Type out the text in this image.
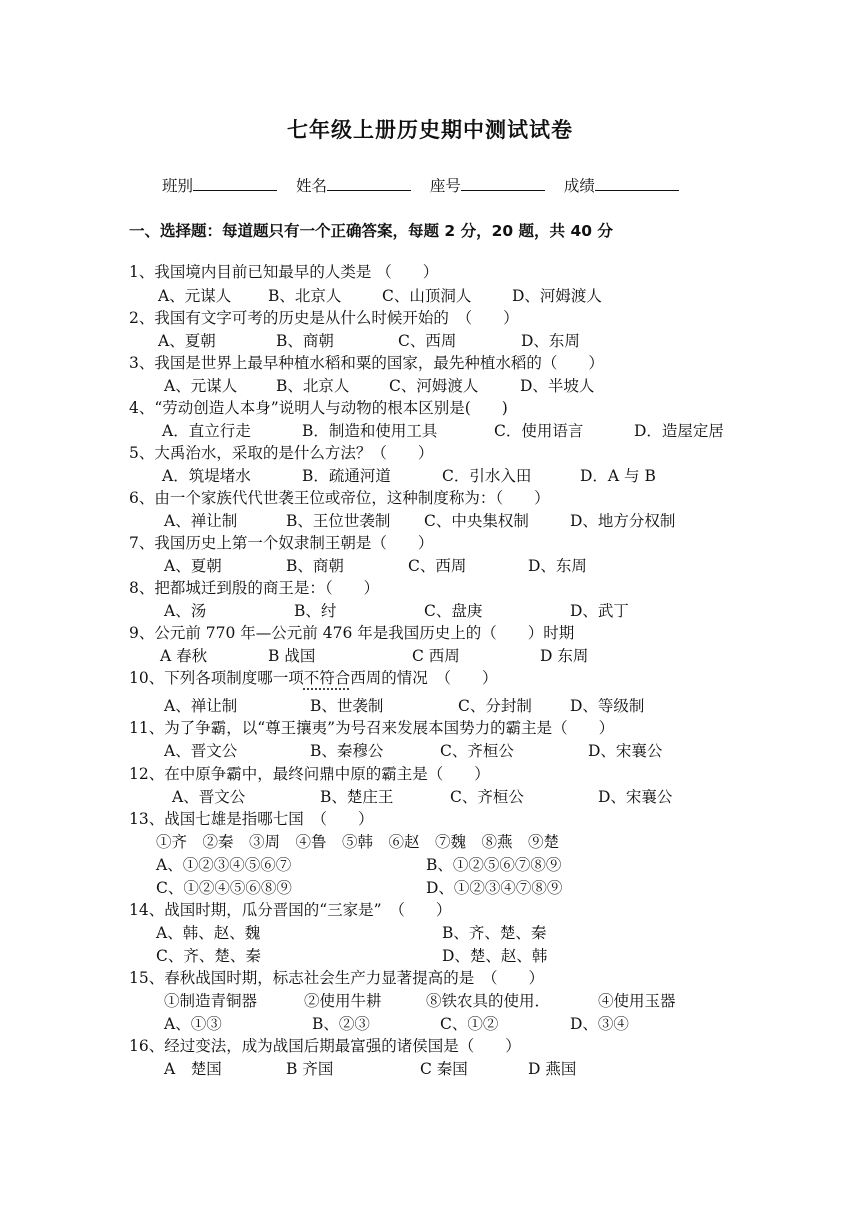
七年级上册历史期中测试试卷
班别	姓名	座号	成绩
一、选择题：每道题只有一个正确答案，每题 2 分，20 题，共 40 分
1、我国境内目前已知最早的人类是 （　　）
A、元谋人 B、北京人	C、山顶洞人	D、河姆渡人
2、我国有文字可考的历史是从什么时候开始的　（　　）
A、夏朝	B、商朝	C、西周	D、东周
3、我国是世界上最早种植水稻和粟的国家，最先种植水稻的（　　）
A、元谋人	B、北京人	C、河姆渡人	D、半坡人
4、“劳动创造人本身”说明人与动物的根本区别是(　　)
A．直立行走	B．制造和使用工具	C．使用语言	D．造屋定居
5、大禹治水，采取的是什么方法？（　　）
A．筑堤堵水	B．疏通河道	C．引水入田	D．A 与 B
6、由一个家族代代世袭王位或帝位，这种制度称为：（　　）
A、禅让制	B、王位世袭制 C、中央集权制	D、地方分权制
7、我国历史上第一个奴隶制王朝是（　　）
A、夏朝	B、商朝	C、西周	D、东周
8、把都城迁到殷的商王是：（　　）
A、汤	B、纣	C、盘庚	D、武丁
9、公元前 770 年—公元前 476 年是我国历史上的（　　）时期
A 春秋	B 战国	C 西周	D 东周
10、下列各项制度哪一项不符合西周的情况　（　　）
A、禅让制	B、世袭制	C、分封制 D、等级制
11、为了争霸，以“尊王攘夷”为号召来发展本国势力的霸主是（　　）
A、晋文公	B、秦穆公	C、齐桓公	D、宋襄公
12、在中原争霸中，最终问鼎中原的霸主是（　　）
A、晋文公	B、楚庄王	C、齐桓公	D、宋襄公
13、战国七雄是指哪七国　（　　）
①齐　②秦　③周　④鲁　⑤韩　⑥赵　⑦魏　⑧燕　⑨楚
A、①②③④⑤⑥⑦	B、①②⑤⑥⑦⑧⑨
C、①②④⑤⑥⑧⑨	D、①②③④⑦⑧⑨
14、战国时期，瓜分晋国的“三家是”　（　　）
A、韩、赵、魏	B、齐、楚、秦
C、齐、楚、秦	D、楚、赵、韩
15、春秋战国时期，标志社会生产力显著提高的是　（　　）
①制造青铜器	②使用牛耕	⑧铁农具的使用．	④使用玉器
A、①③	B、②③	C、①②	D、③④
16、经过变法，成为战国后期最富强的诸侯国是（　　）
A　楚国	B 齐国	C 秦国	D 燕国
